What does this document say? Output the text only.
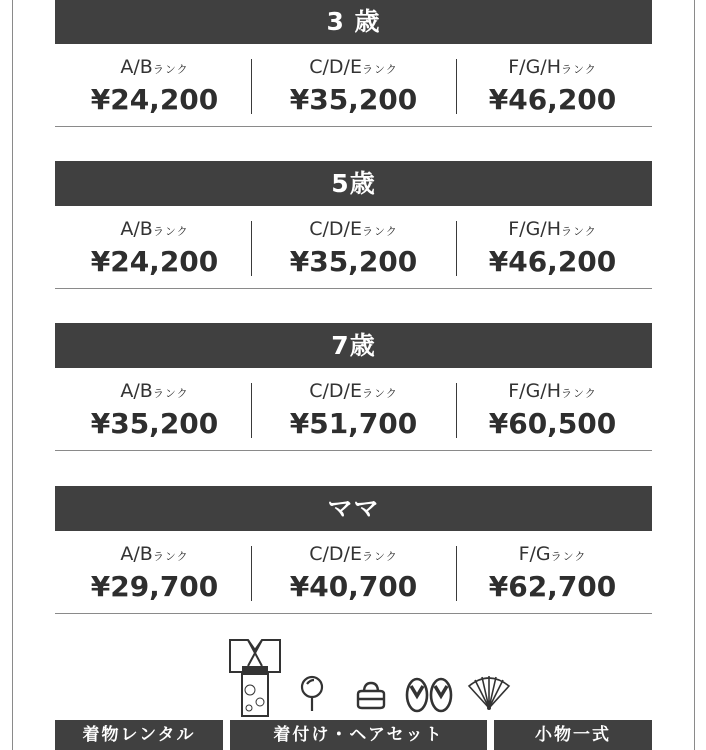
3 歳
A/Bランク
¥24,200
C/D/Eランク
¥35,200
F/G/Hランク
¥46,200
5歳
A/Bランク
¥24,200
C/D/Eランク
¥35,200
F/G/Hランク
¥46,200
7歳
A/Bランク
¥35,200
C/D/Eランク
¥51,700
F/G/Hランク
¥60,500
ママ
A/Bランク
¥29,700
C/D/Eランク
¥40,700
F/Gランク
¥62,700
着物レンタル	着付け・ヘアセット	小物一式
